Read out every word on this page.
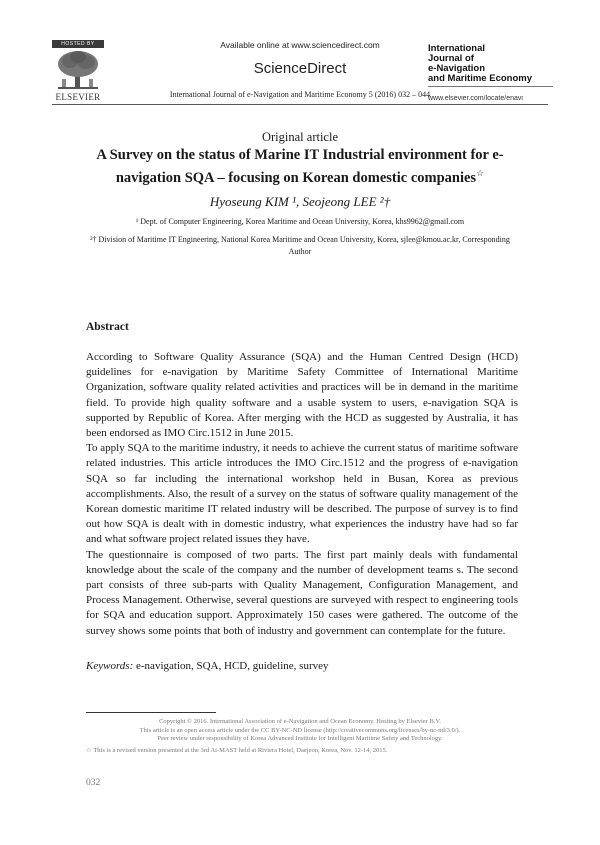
HOSTED BY
ELSEVIER
Available online at www.sciencedirect.com
ScienceDirect
International Journal of e-Navigation and Maritime Economy 5 (2016) 032 – 044
International
Journal of
e-Navigation
and Maritime Economy
www.elsevier.com/locate/enavi
Original article
A Survey on the status of Marine IT Industrial environment for e-navigation SQA – focusing on Korean domestic companies☆
Hyoseung KIM ¹, Seojeong LEE ²†
¹ Dept. of Computer Engineering, Korea Maritime and Ocean University, Korea, khs9962@gmail.com
²† Division of Maritime IT Engineering, National Korea Maritime and Ocean University, Korea, sjlee@kmou.ac.kr, Corresponding Author
Abstract

According to Software Quality Assurance (SQA) and the Human Centred Design (HCD) guidelines for e-navigation by Maritime Safety Committee of International Maritime Organization, software quality related activities and practices will be in demand in the maritime field. To provide high quality software and a usable system to users, e-navigation SQA is supported by Republic of Korea. After merging with the HCD as suggested by Australia, it has been endorsed as IMO Circ.1512 in June 2015.

To apply SQA to the maritime industry, it needs to achieve the current status of maritime software related industries. This article introduces the IMO Circ.1512 and the progress of e-navigation SQA so far including the international workshop held in Busan, Korea as previous accomplishments. Also, the result of a survey on the status of software quality management of the Korean domestic maritime IT related industry will be described. The purpose of survey is to find out how SQA is dealt with in domestic industry, what experiences the industry have had so far and what software project related issues they have.

The questionnaire is composed of two parts. The first part mainly deals with fundamental knowledge about the scale of the company and the number of development teams s. The second part consists of three sub-parts with Quality Management, Configuration Management, and Process Management. Otherwise, several questions are surveyed with respect to engineering tools for SQA and education support. Approximately 150 cases were gathered. The outcome of the survey shows some points that both of industry and government can contemplate for the future.

Keywords: e-navigation, SQA, HCD, guideline, survey
Copyright © 2016. International Association of e-Navigation and Ocean Economy. Hosting by Elsevier B.V.
This article is an open access article under the CC BY-NC-ND license (http://creativecommons.org/licenses/by-nc-nd/3.0/).
Peer review under responsibility of Korea Advanced Institute for Intelligent Maritime Safety and Technology.
☆ This is a revised version presented at the 3rd Ai-MAST held at Riviera Hotel, Daejeon, Korea, Nov. 12-14, 2015.
032
